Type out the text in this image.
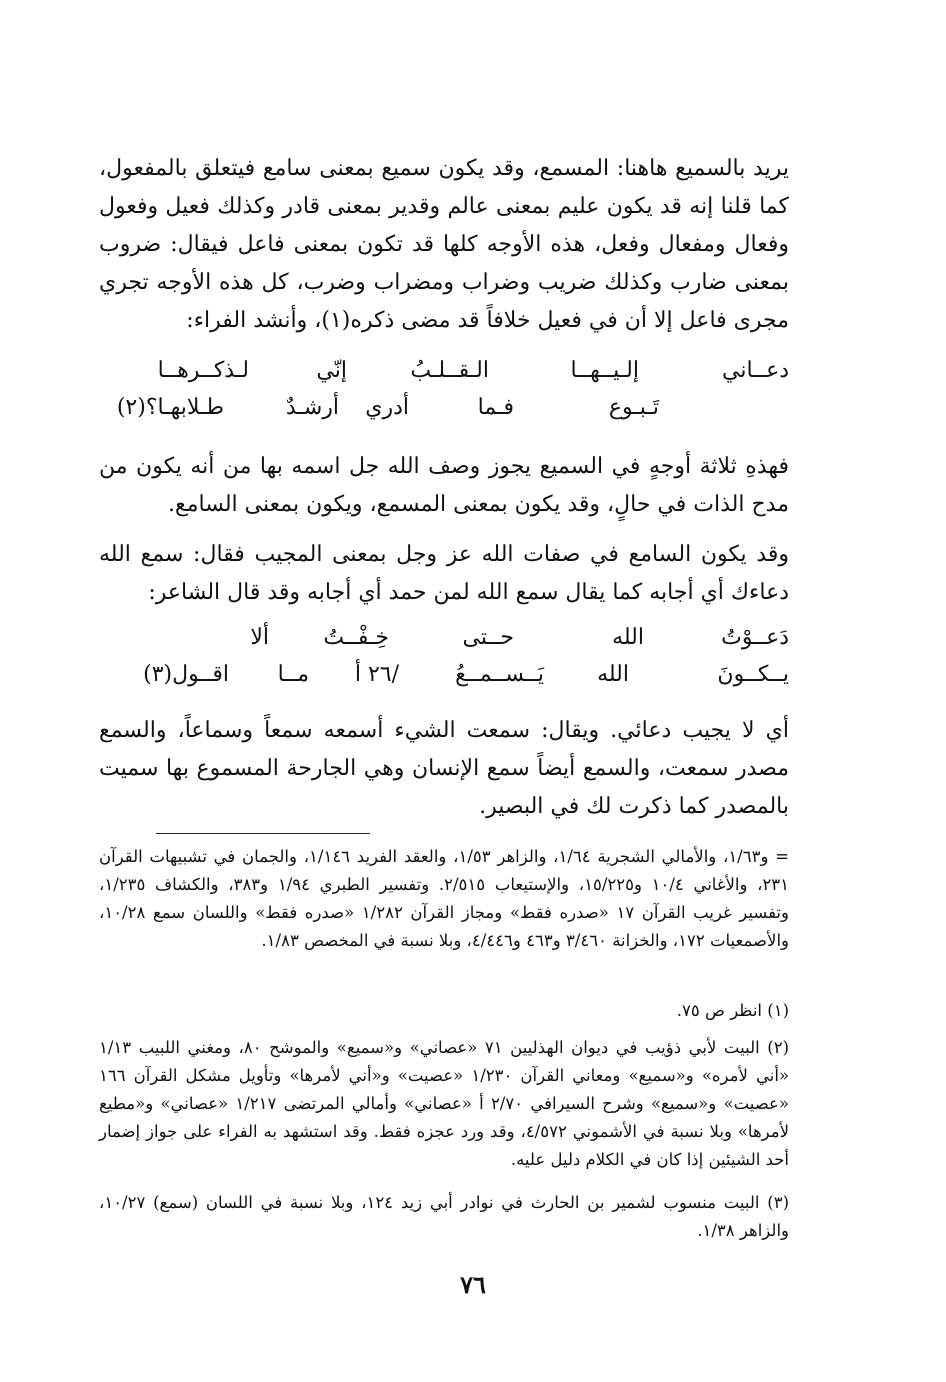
يريد بالسميع هاهنا: المسمع، وقد يكون سميع بمعنى سامع فيتعلق بالمفعول، كما قلنا إنه قد يكون عليم بمعنى عالم وقدير بمعنى قادر وكذلك فعيل وفعول وفعال ومفعال وفعل، هذه الأوجه كلها قد تكون بمعنى فاعل فيقال: ضروب بمعنى ضارب وكذلك ضريب وضراب ومضراب وضرب، كل هذه الأوجه تجري مجرى فاعل إلا أن في فعيل خلافاً قد مضى ذكره(١)، وأنشد الفراء:

دعــاني
إلـيــهــا
الـقــلـبُ
إنّي
لـذكــرهــا
تَـبـوع
فـما
أدري
أرشـدٌ
طـلابهـا؟(٢)

فهذهِ ثلاثة أوجهٍ في السميع يجوز وصف الله جل اسمه بها من أنه يكون من مدح الذات في حالٍ، وقد يكون بمعنى المسمع، ويكون بمعنى السامع.

وقد يكون السامع في صفات الله عز وجل بمعنى المجيب فقال: سمع الله دعاءك أي أجابه كما يقال سمع الله لمن حمد أي أجابه وقد قال الشاعر:

دَعــوْتُ
الله
حــتى
خِـفْــتُ
ألا
يــكــونَ
الله
يَــســمــعُ
/٢٦ أ
مــا
اقــول(٣)

أي لا يجيب دعائي. ويقال: سمعت الشيء أسمعه سمعاً وسماعاً، والسمع مصدر سمعت، والسمع أيضاً سمع الإنسان وهي الجارحة المسموع بها سميت بالمصدر كما ذكرت لك في البصير.

= و١/٦٣، والأمالي الشجرية ١/٦٤، والزاهر ١/٥٣، والعقد الفريد ١/١٤٦، والجمان في تشبيهات القرآن ٢٣١، والأغاني ١٠/٤ و١٥/٢٢٥، والإستيعاب ٢/٥١٥. وتفسير الطبري ١/٩٤ و٣٨٣، والكشاف ١/٢٣٥، وتفسير غريب القرآن ١٧ «صدره فقط» ومجاز القرآن ١/٢٨٢ «صدره فقط» واللسان سمع ١٠/٢٨، والأصمعيات ١٧٢، والخزانة ٣/٤٦٠ و٤٦٣ و٤/٤٤٦، وبلا نسبة في المخصص ١/٨٣.

(١) انظر ص ٧٥.

(٢) البيت لأبي ذؤيب في ديوان الهذليين ٧١ «عصاني» و«سميع» والموشح ٨٠، ومغني اللبيب ١/١٣ «أني لأمره» و«سميع» ومعاني القرآن ١/٢٣٠ «عصيت» و«أني لأمرها» وتأويل مشكل القرآن ١٦٦ «عصيت» و«سميع» وشرح السيرافي ٢/٧٠ أ «عصاني» وأمالي المرتضى ١/٢١٧ «عصاني» و«مطيع لأمرها» وبلا نسبة في الأشموني ٤/٥٧٢، وقد ورد عجزه فقط. وقد استشهد به الفراء على جواز إضمار أحد الشيئين إذا كان في الكلام دليل عليه.

(٣) البيت منسوب لشمير بن الحارث في نوادر أبي زيد ١٢٤، وبلا نسبة في اللسان (سمع) ١٠/٢٧، والزاهر ١/٣٨.

٧٦
